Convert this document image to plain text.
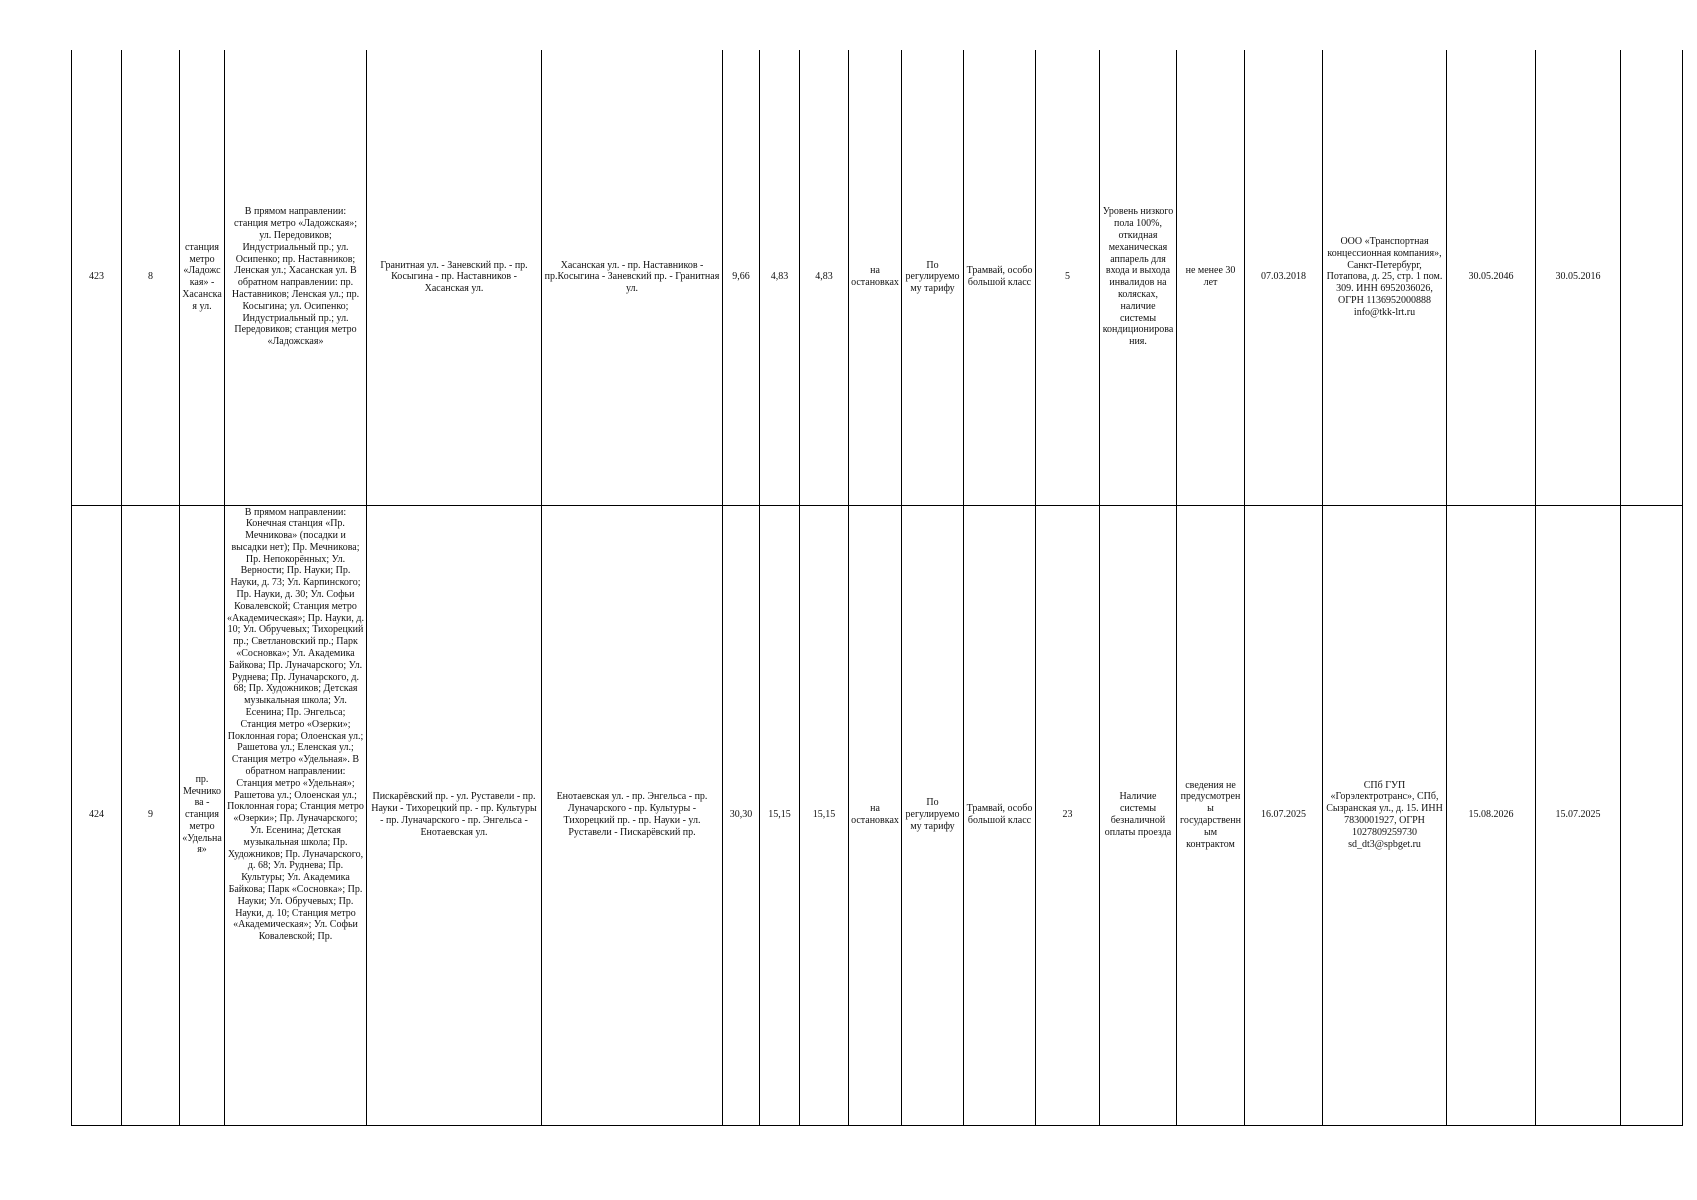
423	8	станция метро «Ладожская» - Хасанская ул.	В прямом направлении: станция метро «Ладожская»; ул. Передовиков; Индустриальный пр.; ул. Осипенко; пр. Наставников; Ленская ул.; Хасанская ул. В обратном направлении: пр. Наставников; Ленская ул.; пр. Косыгина; ул. Осипенко; Индустриальный пр.; ул. Передовиков; станция метро «Ладожская»	Гранитная ул. - Заневский пр. - пр. Косыгина - пр. Наставников - Хасанская ул.	Хасанская ул. - пр. Наставников - пр.Косыгина - Заневский пр. - Гранитная ул.	9,66	4,83	4,83	на остановках	По регулируемому тарифу	Трамвай, особо большой класс	5	Уровень низкого пола 100%, откидная механическая аппарель для входа и выхода инвалидов на колясках, наличие системы кондиционирования.	не менее 30 лет	07.03.2018	ООО «Транспортная концессионная компания», Санкт-Петербург, Потапова, д. 25, стр. 1 пом. 309. ИНН 6952036026, ОГРН 1136952000888 info@tkk-lrt.ru	30.05.2046	30.05.2016	
424	9	пр. Мечникова - станция метро «Удельная»	В прямом направлении: Конечная станция «Пр. Мечникова» (посадки и высадки нет); Пр. Мечникова; Пр. Непокорённых; Ул. Верности; Пр. Науки; Пр. Науки, д. 73; Ул. Карпинского; Пр. Науки, д. 30; Ул. Софьи Ковалевской; Станция метро «Академическая»; Пр. Науки, д. 10; Ул. Обручевых; Тихорецкий пр.; Светлановский пр.; Парк «Сосновка»; Ул. Академика Байкова; Пр. Луначарского; Ул. Руднева; Пр. Луначарского, д. 68; Пр. Художников; Детская музыкальная школа; Ул. Есенина; Пр. Энгельса; Станция метро «Озерки»; Поклонная гора; Олоенская ул.; Рашетова ул.; Еленская ул.; Станция метро «Удельная». В обратном направлении: Станция метро «Удельная»; Рашетова ул.; Олоенская ул.; Поклонная гора; Станция метро «Озерки»; Пр. Луначарского; Ул. Есенина; Детская музыкальная школа; Пр. Художников; Пр. Луначарского, д. 68; Ул. Руднева; Пр. Культуры; Ул. Академика Байкова; Парк «Сосновка»; Пр. Науки; Ул. Обручевых; Пр. Науки, д. 10; Станция метро «Академическая»; Ул. Софьи Ковалевской; Пр.	Пискарёвский пр. - ул. Руставели - пр. Науки - Тихорецкий пр. - пр. Культуры - пр. Луначарского - пр. Энгельса - Енотаевская ул.	Енотаевская ул. - пр. Энгельса - пр. Луначарского - пр. Культуры - Тихорецкий пр. - пр. Науки - ул. Руставели - Пискарёвский пр.	30,30	15,15	15,15	на остановках	По регулируемому тарифу	Трамвай, особо большой класс	23	Наличие системы безналичной оплаты проезда	сведения не предусмотрены государственным контрактом	16.07.2025	СПб ГУП «Горэлектротранс», СПб, Сызранская ул., д. 15. ИНН 7830001927, ОГРН 1027809259730 sd_dt3@spbget.ru	15.08.2026	15.07.2025	
